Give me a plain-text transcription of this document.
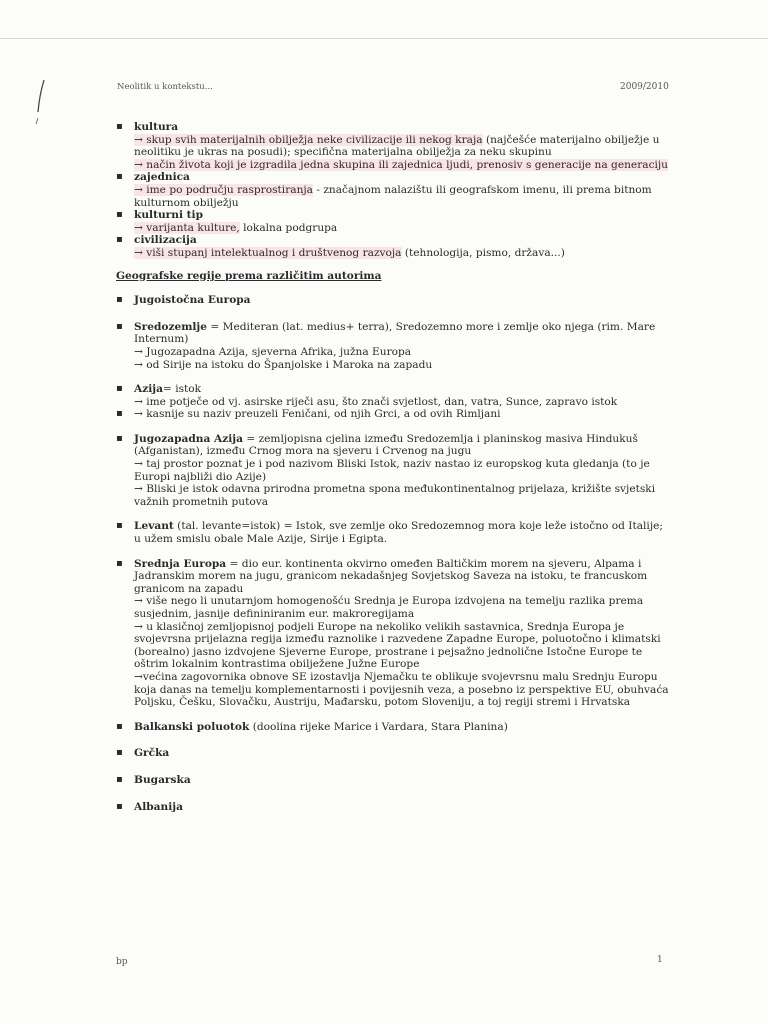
Neolitik u kontekstu...	2009/2010
▪ kultura
→ skup svih materijalnih obilježja neke civilizacije ili nekog kraja (najčešće materijalno obilježje u
neolitiku je ukras na posudi); specifična materijalna obilježja za neku skupinu
→ način života koji je izgradila jedna skupina ili zajednica ljudi, prenosiv s generacije na generaciju
▪ zajednica
→ ime po području rasprostiranja - značajnom nalazištu ili geografskom imenu, ili prema bitnom
kulturnom obilježju
▪ kulturni tip
→ varijanta kulture, lokalna podgrupa
▪ civilizacija
→ viši stupanj intelektualnog i društvenog razvoja (tehnologija, pismo, država...)
Geografske regije prema različitim autorima
▪ Jugoistočna Europa
▪ Sredozemlje = Mediteran (lat. medius+ terra), Sredozemno more i zemlje oko njega (rim. Mare
Internum)
→ Jugozapadna Azija, sjeverna Afrika, južna Europa
→ od Sirije na istoku do Španjolske i Maroka na zapadu
▪ Azija= istok
→ ime potječe od vj. asirske riječi asu, što znači svjetlost, dan, vatra, Sunce, zapravo istok
▪ → kasnije su naziv preuzeli Feničani, od njih Grci, a od ovih Rimljani
▪ Jugozapadna Azija = zemljopisna cjelina između Sredozemlja i planinskog masiva Hindukuš
(Afganistan), između Crnog mora na sjeveru i Crvenog na jugu
→ taj prostor poznat je i pod nazivom Bliski Istok, naziv nastao iz europskog kuta gledanja (to je
Europi najbliži dio Azije)
→ Bliski je istok odavna prirodna prometna spona međukontinentalnog prijelaza, križište svjetski
važnih prometnih putova
▪ Levant (tal. levante=istok) = Istok, sve zemlje oko Sredozemnog mora koje leže istočno od Italije;
u užem smislu obale Male Azije, Sirije i Egipta.
▪ Srednja Europa = dio eur. kontinenta okvirno omeđen Baltičkim morem na sjeveru, Alpama i
Jadranskim morem na jugu, granicom nekadašnjeg Sovjetskog Saveza na istoku, te francuskom
granicom na zapadu
→ više nego li unutarnjom homogenošću Srednja je Europa izdvojena na temelju razlika prema
susjednim, jasnije defininiranim eur. makroregijama
→ u klasičnoj zemljopisnoj podjeli Europe na nekoliko velikih sastavnica, Srednja Europa je
svojevrsna prijelazna regija između raznolike i razvedene Zapadne Europe, poluotočno i klimatski
(borealno) jasno izdvojene Sjeverne Europe, prostrane i pejsažno jednolične Istočne Europe te
oštrim lokalnim kontrastima obilježene Južne Europe
→većina zagovornika obnove SE izostavlja Njemačku te oblikuje svojevrsnu malu Srednju Europu
koja danas na temelju komplementarnosti i povijesnih veza, a posebno iz perspektive EU, obuhvaća
Poljsku, Češku, Slovačku, Austriju, Mađarsku, potom Sloveniju, a toj regiji stremi i Hrvatska
▪ Balkanski poluotok (doolina rijeke Marice i Vardara, Stara Planina)
▪ Grčka
▪ Bugarska
▪ Albanija
bp	1
